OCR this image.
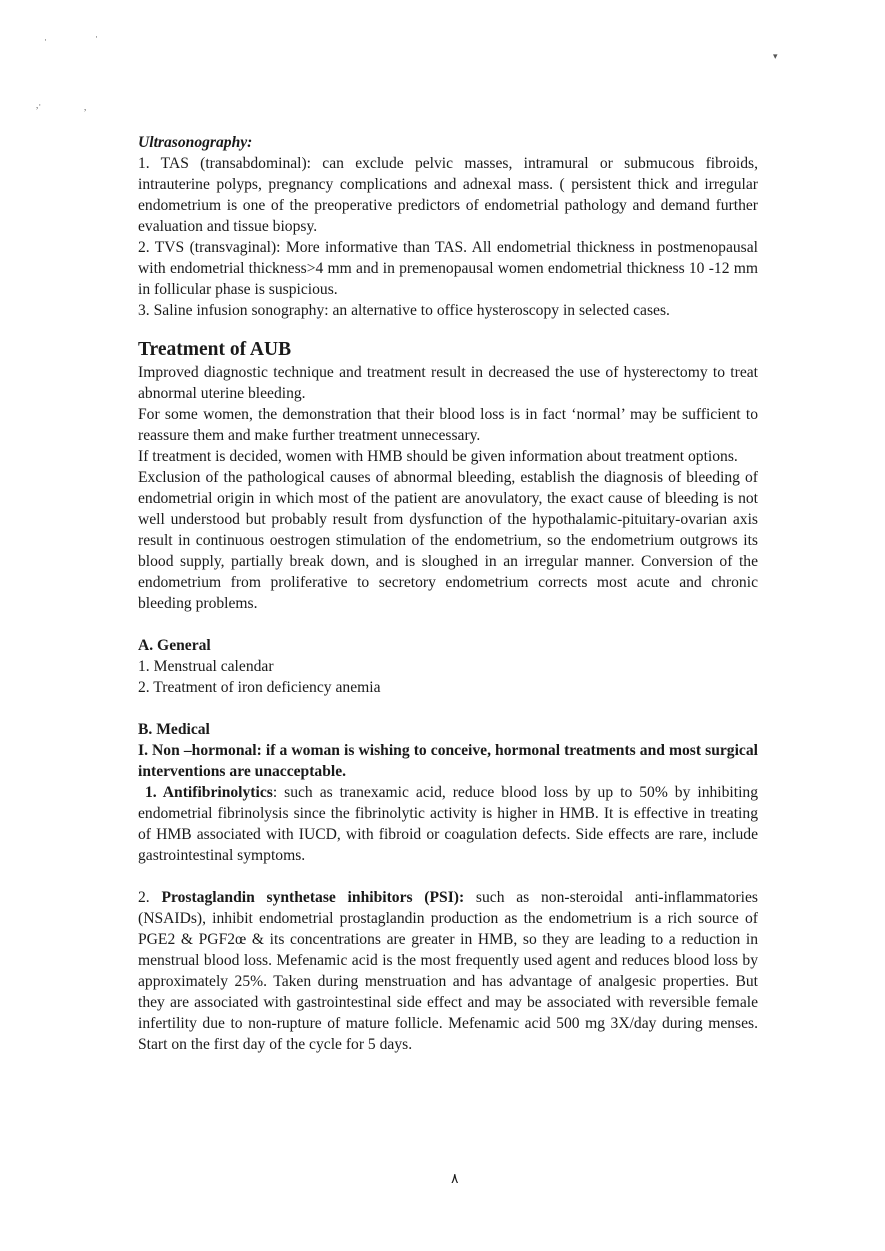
·	·
,·	,
▾

Ultrasonography:

1. TAS (transabdominal): can exclude pelvic masses, intramural or submucous fibroids, intrauterine polyps, pregnancy complications and adnexal mass. ( persistent thick and irregular endometrium is one of the preoperative predictors of endometrial pathology and demand further evaluation and tissue biopsy.

2. TVS (transvaginal): More informative than TAS. All endometrial thickness in postmenopausal with endometrial thickness>4 mm and in premenopausal women endometrial thickness 10 -12 mm in follicular phase is suspicious.

3. Saline infusion sonography: an alternative to office hysteroscopy in selected cases.

Treatment of AUB

Improved diagnostic technique and treatment result in decreased the use of hysterectomy to treat abnormal uterine bleeding.

For some women, the demonstration that their blood loss is in fact ‘normal’ may be sufficient to reassure them and make further treatment unnecessary.

If treatment is decided, women with HMB should be given information about treatment options.

Exclusion of the pathological causes of abnormal bleeding, establish the diagnosis of bleeding of endometrial origin in which most of the patient are anovulatory, the exact cause of bleeding is not well understood but probably result from dysfunction of the hypothalamic-pituitary-ovarian axis result in continuous oestrogen stimulation of the endometrium, so the endometrium outgrows its blood supply, partially break down, and is sloughed in an irregular manner. Conversion of the endometrium from proliferative to secretory endometrium corrects most acute and chronic bleeding problems.

A. General

1. Menstrual calendar

2. Treatment of iron deficiency anemia

B. Medical

I. Non –hormonal: if a woman is wishing to conceive, hormonal treatments and most surgical interventions are unacceptable.

1. Antifibrinolytics: such as tranexamic acid, reduce blood loss by up to 50% by inhibiting endometrial fibrinolysis since the fibrinolytic activity is higher in HMB. It is effective in treating of HMB associated with IUCD, with fibroid or coagulation defects. Side effects are rare, include gastrointestinal symptoms.

2. Prostaglandin synthetase inhibitors (PSI): such as non-steroidal anti-inflammatories (NSAIDs), inhibit endometrial prostaglandin production as the endometrium is a rich source of PGE2 & PGF2œ & its concentrations are greater in HMB, so they are leading to a reduction in menstrual blood loss. Mefenamic acid is the most frequently used agent and reduces blood loss by approximately 25%. Taken during menstruation and has advantage of analgesic properties. But they are associated with gastrointestinal side effect and may be associated with reversible female infertility due to non-rupture of mature follicle. Mefenamic acid 500 mg 3X/day during menses. Start on the first day of the cycle for 5 days.

٨
